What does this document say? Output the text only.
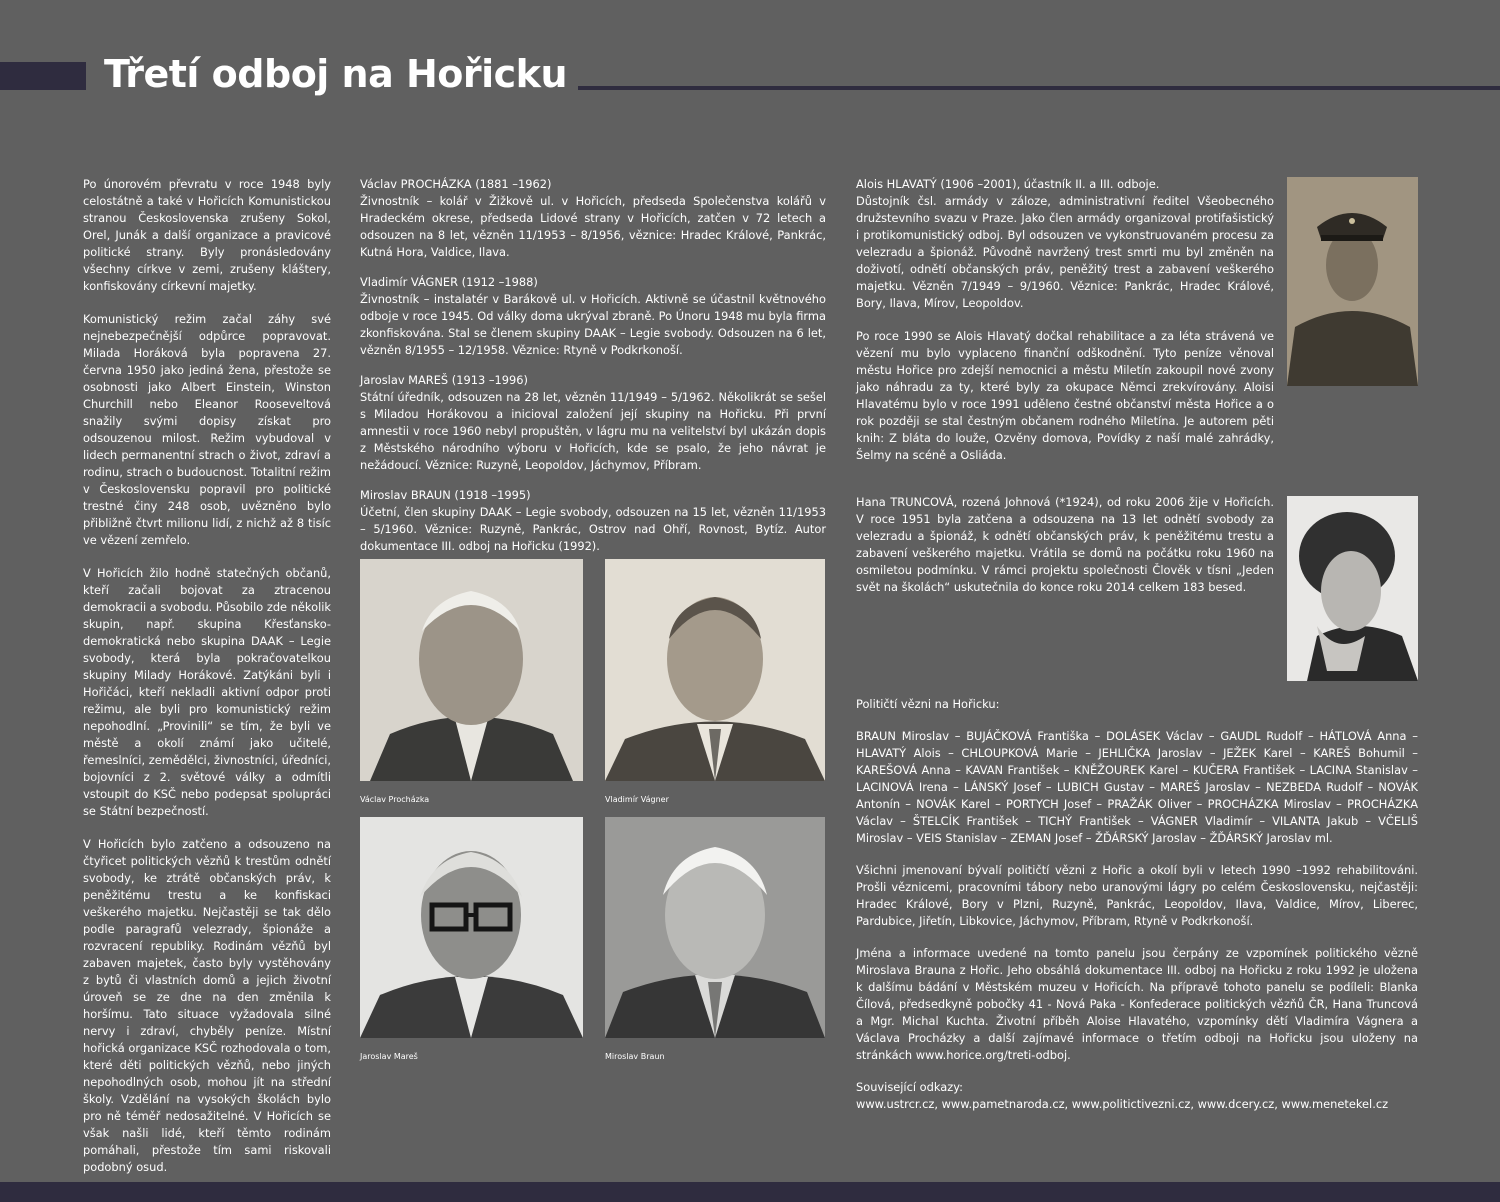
Třetí odboj na Hořicku

Po únorovém převratu v roce 1948 byly celostátně a také v Hořicích Komunistickou stranou Československa zrušeny Sokol, Orel, Junák a další organizace a pravicové politické strany. Byly pronásledovány všechny církve v zemi, zrušeny kláštery, konfiskovány církevní majetky.

Komunistický režim začal záhy své nejnebezpečnější odpůrce popravovat. Milada Horáková byla popravena 27. června 1950 jako jediná žena, přestože se osobnosti jako Albert Einstein, Winston Churchill nebo Eleanor Rooseveltová snažily svými dopisy získat pro odsouzenou milost. Režim vybudoval v lidech permanentní strach o život, zdraví a rodinu, strach o budoucnost. Totalitní režim v Československu popravil pro politické trestné činy 248 osob, uvězněno bylo přibližně čtvrt milionu lidí, z nichž až 8 tisíc ve vězení zemřelo.

V Hořicích žilo hodně statečných občanů, kteří začali bojovat za ztracenou demokracii a svobodu. Působilo zde několik skupin, např. skupina Křesťansko-demokratická nebo skupina DAAK – Legie svobody, která byla pokračovatelkou skupiny Milady Horákové. Zatýkáni byli i Hořičáci, kteří nekladli aktivní odpor proti režimu, ale byli pro komunistický režim nepohodlní. „Provinili“ se tím, že byli ve městě a okolí známí jako učitelé, řemeslníci, zemědělci, živnostníci, úředníci, bojovníci z 2. světové války a odmítli vstoupit do KSČ nebo podepsat spolupráci se Státní bezpečností.

V Hořicích bylo zatčeno a odsouzeno na čtyřicet politických vězňů k trestům odnětí svobody, ke ztrátě občanských práv, k peněžitému trestu a ke konfiskaci veškerého majetku. Nejčastěji se tak dělo podle paragrafů velezrady, špionáže a rozvracení republiky. Rodinám vězňů byl zabaven majetek, často byly vystěhovány z bytů či vlastních domů a jejich životní úroveň se ze dne na den změnila k horšímu. Tato situace vyžadovala silné nervy i zdraví, chyběly peníze. Místní hořická organizace KSČ rozhodovala o tom, které děti politických vězňů, nebo jiných nepohodlných osob, mohou jít na střední školy. Vzdělání na vysokých školách bylo pro ně téměř nedosažitelné. V Hořicích se však našli lidé, kteří těmto rodinám pomáhali, přestože tím sami riskovali podobný osud.

Václav PROCHÁZKA (1881 –1962)
Živnostník – kolář v Žižkově ul. v Hořicích, předseda Společenstva kolářů v Hradeckém okrese, předseda Lidové strany v Hořicích, zatčen v 72 letech a odsouzen na 8 let, vězněn 11/1953 – 8/1956, věznice: Hradec Králové, Pankrác, Kutná Hora, Valdice, Ilava.

Vladimír VÁGNER (1912 –1988)
Živnostník – instalatér v Barákově ul. v Hořicích. Aktivně se účastnil květnového odboje v roce 1945. Od války doma ukrýval zbraně. Po Únoru 1948 mu byla firma zkonfiskována. Stal se členem skupiny DAAK – Legie svobody. Odsouzen na 6 let, vězněn 8/1955 – 12/1958. Věznice: Rtyně v Podkrkonoší.

Jaroslav MAREŠ (1913 –1996)
Státní úředník, odsouzen na 28 let, vězněn 11/1949 – 5/1962. Několikrát se sešel s Miladou Horákovou a inicioval založení její skupiny na Hořicku. Při první amnestii v roce 1960 nebyl propuštěn, v lágru mu na velitelství byl ukázán dopis z Městského národního výboru v Hořicích, kde se psalo, že jeho návrat je nežádoucí. Věznice: Ruzyně, Leopoldov, Jáchymov, Příbram.

Miroslav BRAUN (1918 –1995)
Účetní, člen skupiny DAAK – Legie svobody, odsouzen na 15 let, vězněn 11/1953 – 5/1960. Věznice: Ruzyně, Pankrác, Ostrov nad Ohří, Rovnost, Bytíz. Autor dokumentace III. odboj na Hořicku (1992).

Václav Procházka	Vladimír Vágner
Jaroslav Mareš	Miroslav Braun

Alois HLAVATÝ (1906 –2001), účastník II. a III. odboje.

Důstojník čsl. armády v záloze, administrativní ředitel Všeobecného družstevního svazu v Praze. Jako člen armády organizoval protifašistický i protikomunistický odboj. Byl odsouzen ve vykonstruovaném procesu za velezradu a špionáž. Původně navržený trest smrti mu byl změněn na doživotí, odnětí občanských práv, peněžitý trest a zabavení veškerého majetku. Vězněn 7/1949 – 9/1960. Věznice: Pankrác, Hradec Králové, Bory, Ilava, Mírov, Leopoldov.

Po roce 1990 se Alois Hlavatý dočkal rehabilitace a za léta strávená ve vězení mu bylo vyplaceno finanční odškodnění. Tyto peníze věnoval městu Hořice pro zdejší nemocnici a městu Miletín zakoupil nové zvony jako náhradu za ty, které byly za okupace Němci zrekvírovány. Aloisi Hlavatému bylo v roce 1991 uděleno čestné občanství města Hořice a o rok později se stal čestným občanem rodného Miletína. Je autorem pěti knih: Z bláta do louže, Ozvěny domova, Povídky z naší malé zahrádky, Šelmy na scéně a Osliáda.

Hana TRUNCOVÁ, rozená Johnová (*1924), od roku 2006 žije v Hořicích. V roce 1951 byla zatčena a odsouzena na 13 let odnětí svobody za velezradu a špionáž, k odnětí občanských práv, k peněžitému trestu a zabavení veškerého majetku. Vrátila se domů na počátku roku 1960 na osmiletou podmínku. V rámci projektu společnosti Člověk v tísni „Jeden svět na školách“ uskutečnila do konce roku 2014 celkem 183 besed.

Političtí vězni na Hořicku:

BRAUN Miroslav – BUJÁČKOVÁ Františka – DOLÁSEK Václav – GAUDL Rudolf – HÁTLOVÁ Anna – HLAVATÝ Alois – CHLOUPKOVÁ Marie – JEHLIČKA Jaroslav – JEŽEK Karel – KAREŠ Bohumil – KAREŠOVÁ Anna – KAVAN František – KNĚŽOUREK Karel – KUČERA František – LACINA Stanislav – LACINOVÁ Irena – LÁNSKÝ Josef – LUBICH Gustav – MAREŠ Jaroslav – NEZBEDA Rudolf – NOVÁK Antonín – NOVÁK Karel – PORTYCH Josef – PRAŽÁK Oliver – PROCHÁZKA Miroslav – PROCHÁZKA Václav – ŠTELCÍK František – TICHÝ František – VÁGNER Vladimír – VILANTA Jakub – VČELIŠ Miroslav – VEIS Stanislav – ZEMAN Josef – ŽĎÁRSKÝ Jaroslav – ŽĎÁRSKÝ Jaroslav ml.

Všichni jmenovaní bývalí političtí vězni z Hořic a okolí byli v letech 1990 –1992 rehabilitováni. Prošli věznicemi, pracovními tábory nebo uranovými lágry po celém Československu, nejčastěji: Hradec Králové, Bory v Plzni, Ruzyně, Pankrác, Leopoldov, Ilava, Valdice, Mírov, Liberec, Pardubice, Jiřetín, Libkovice, Jáchymov, Příbram, Rtyně v Podkrkonoší.

Jména a informace uvedené na tomto panelu jsou čerpány ze vzpomínek politického vězně Miroslava Brauna z Hořic. Jeho obsáhlá dokumentace III. odboj na Hořicku z roku 1992 je uložena k dalšímu bádání v Městském muzeu v Hořicích. Na přípravě tohoto panelu se podíleli: Blanka Čílová, předsedkyně pobočky 41 - Nová Paka - Konfederace politických vězňů ČR, Hana Truncová a Mgr. Michal Kuchta. Životní příběh Aloise Hlavatého, vzpomínky dětí Vladimíra Vágnera a Václava Procházky a další zajímavé informace o třetím odboji na Hořicku jsou uloženy na stránkách www.horice.org/treti-odboj.

Související odkazy:

www.ustrcr.cz, www.pametnaroda.cz, www.politictivezni.cz, www.dcery.cz, www.menetekel.cz
